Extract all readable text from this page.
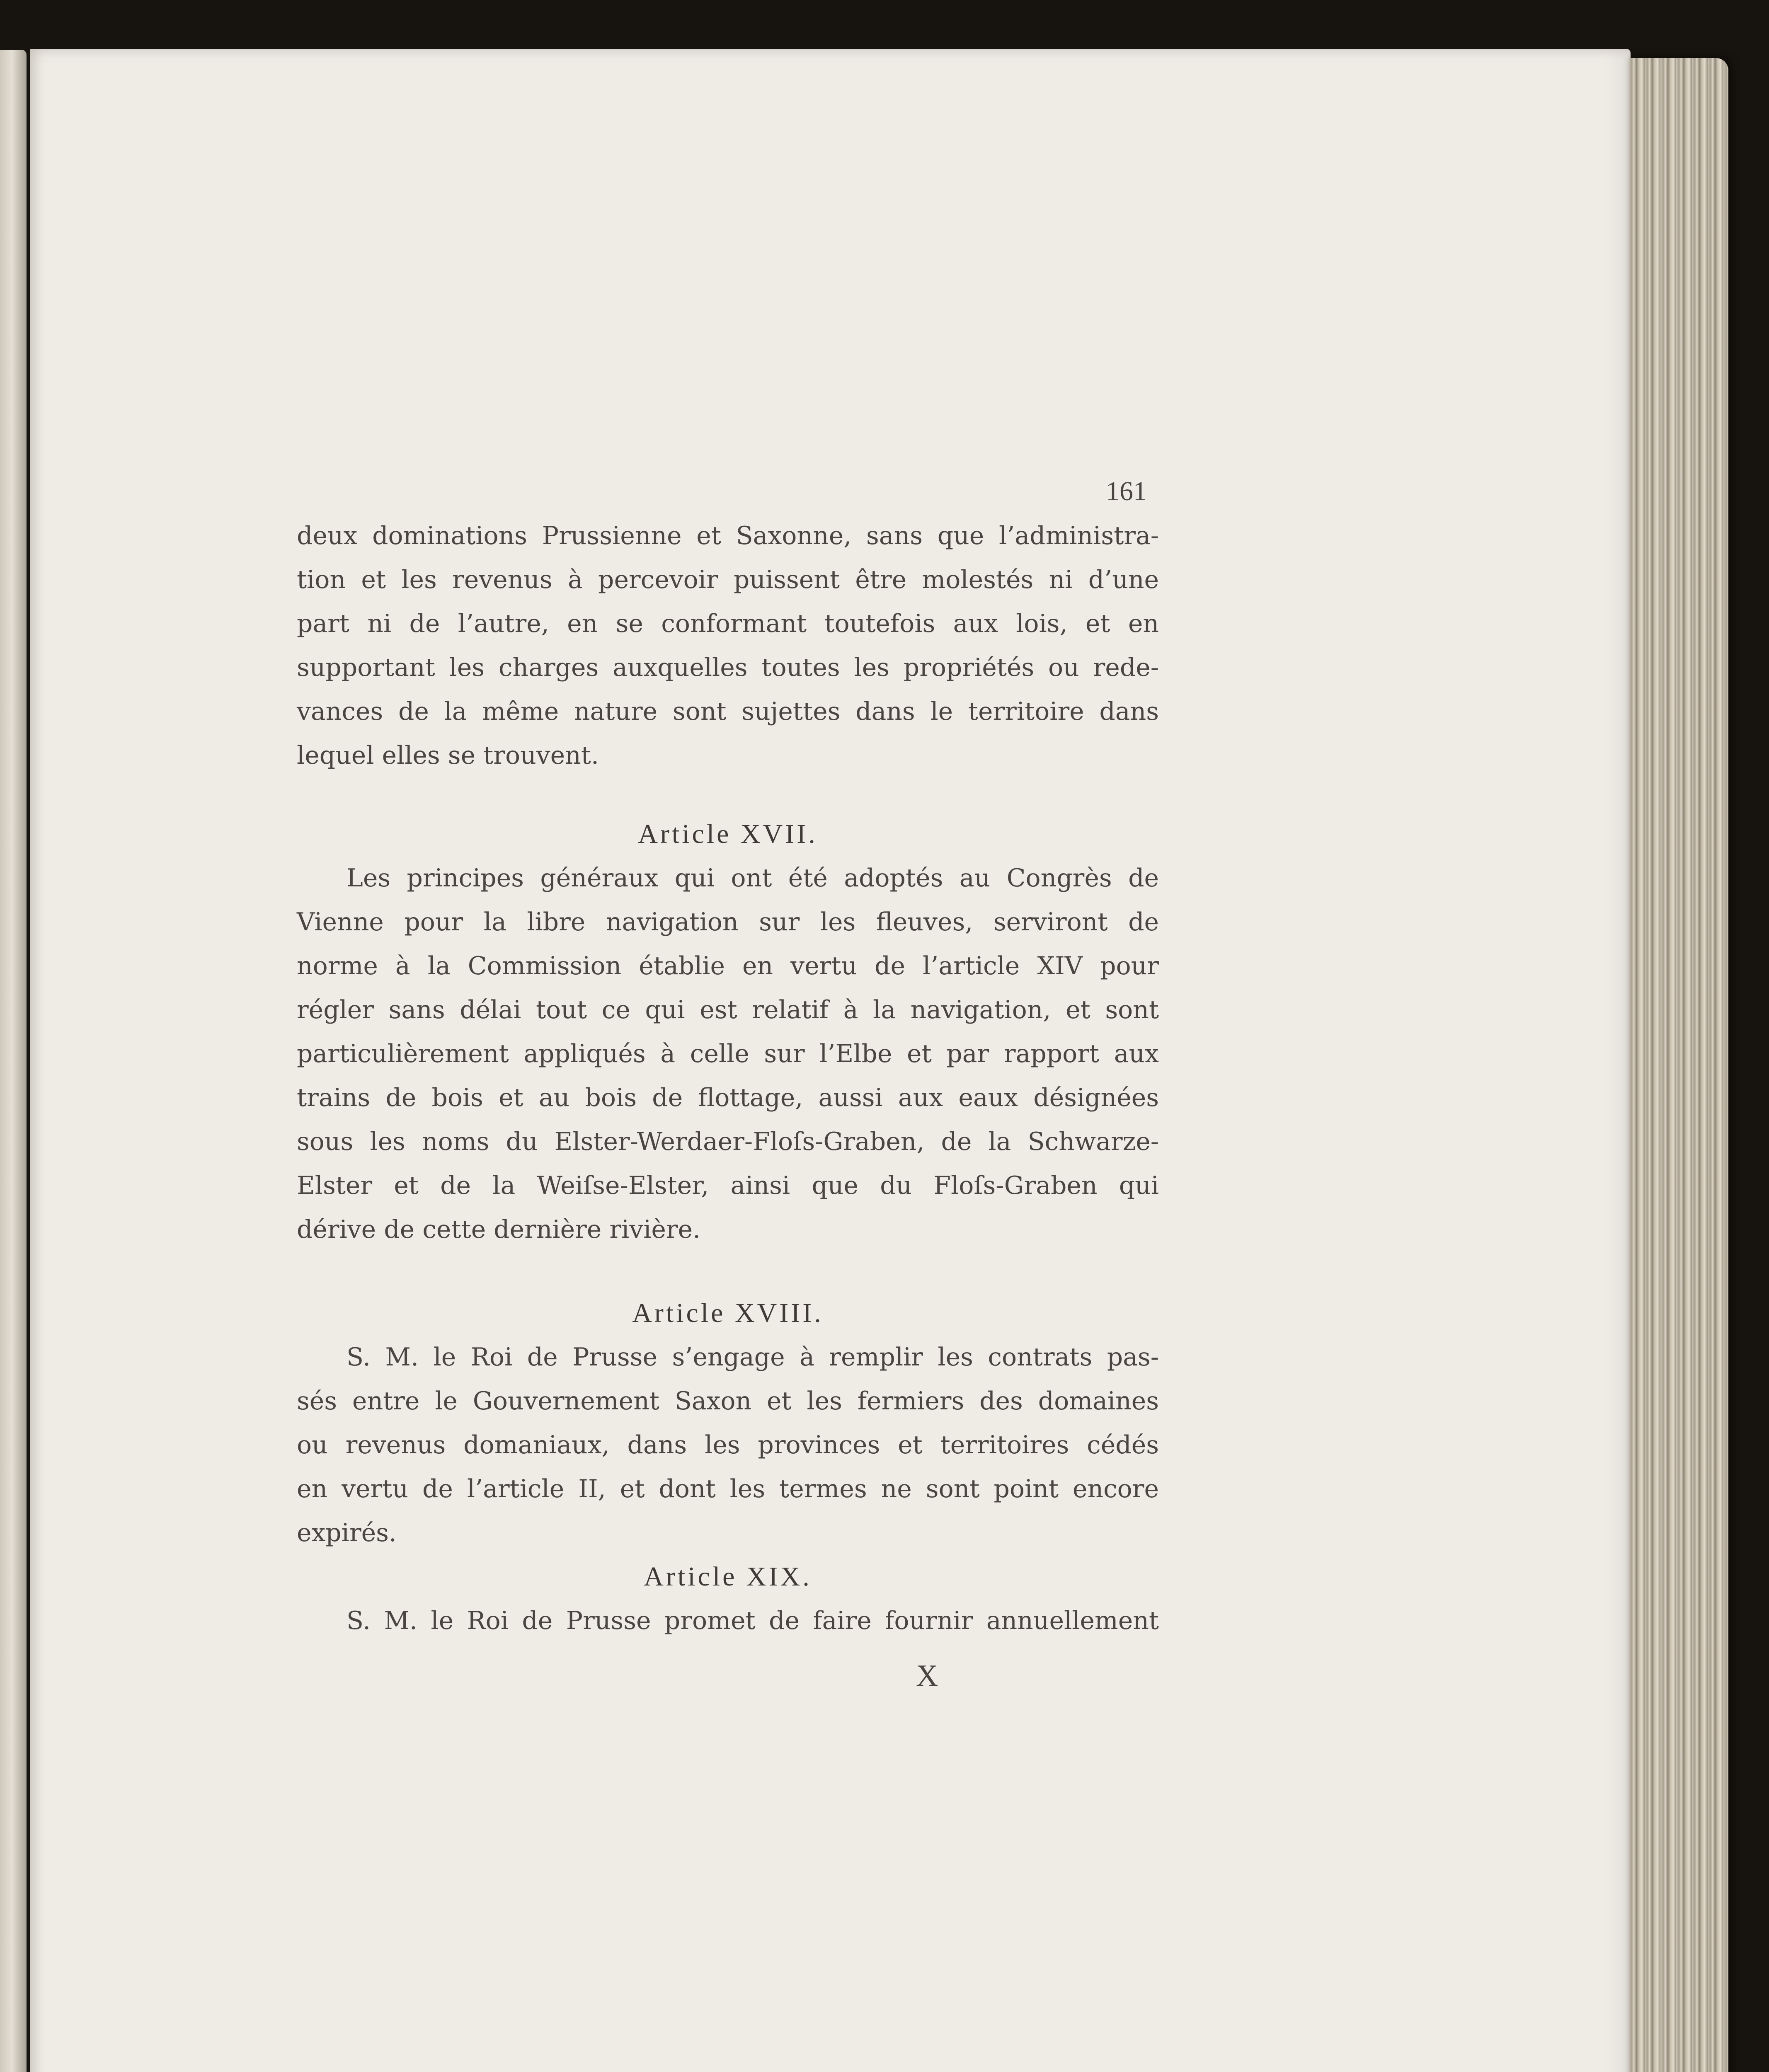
161
deux dominations Prussienne et Saxonne, sans que l’administra-
tion et les revenus à percevoir puissent être molestés ni d’une
part ni de l’autre, en se conformant toutefois aux lois, et en
supportant les charges auxquelles toutes les propriétés ou rede-
vances de la même nature sont sujettes dans le territoire dans
lequel elles se trouvent.
Article XVII.
Les principes généraux qui ont été adoptés au Congrès de
Vienne pour la libre navigation sur les fleuves, serviront de
norme à la Commission établie en vertu de l’article XIV pour
régler sans délai tout ce qui est relatif à la navigation, et sont
particulièrement appliqués à celle sur l’Elbe et par rapport aux
trains de bois et au bois de flottage, aussi aux eaux désignées
sous les noms du Elster-Werdaer-Floſs-Graben, de la Schwarze-
Elster et de la Weiſse-Elster, ainsi que du Floſs-Graben qui
dérive de cette dernière rivière.
Article XVIII.
S. M. le Roi de Prusse s’engage à remplir les contrats pas-
sés entre le Gouvernement Saxon et les fermiers des domaines
ou revenus domaniaux, dans les provinces et territoires cédés
en vertu de l’article II, et dont les termes ne sont point encore
expirés.
Article XIX.
S. M. le Roi de Prusse promet de faire fournir annuellement
X
